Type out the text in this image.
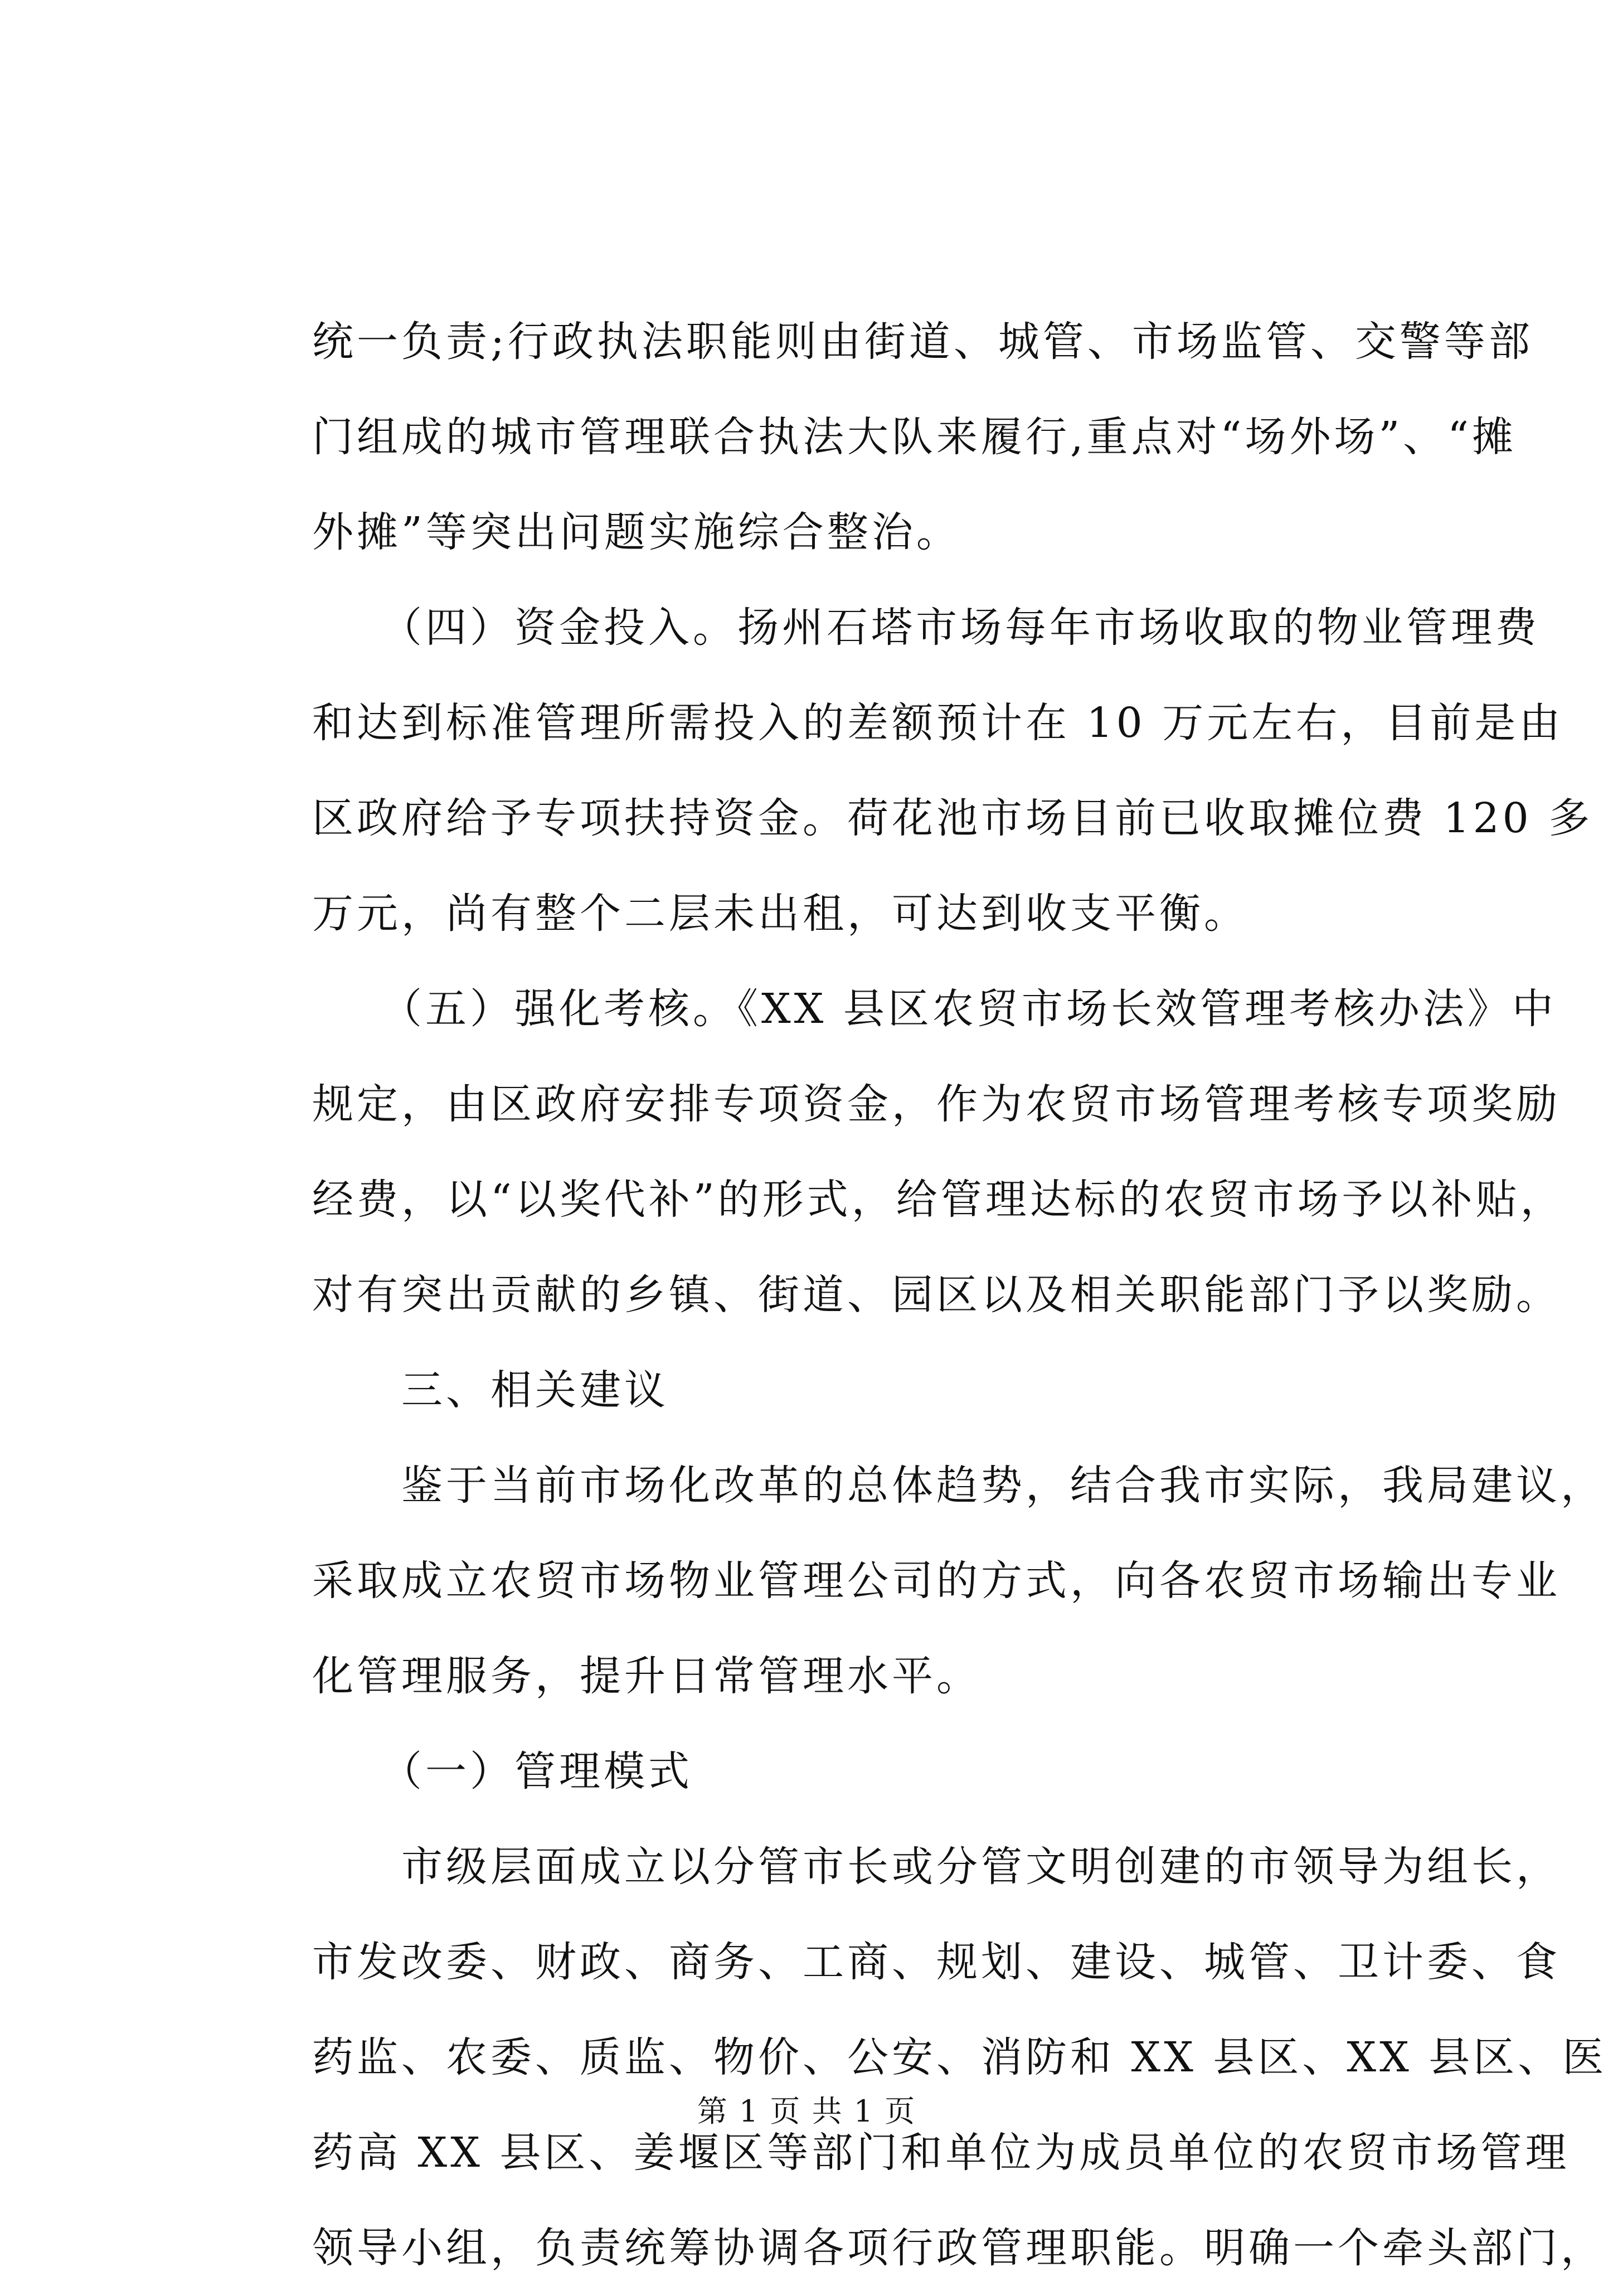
统一负责;行政执法职能则由街道、城管、市场监管、交警等部
门组成的城市管理联合执法大队来履行,重点对“场外场”、“摊
外摊”等突出问题实施综合整治。
　　（四）资金投入。扬州石塔市场每年市场收取的物业管理费
和达到标准管理所需投入的差额预计在 10 万元左右，目前是由
区政府给予专项扶持资金。荷花池市场目前已收取摊位费 120 多
万元，尚有整个二层未出租，可达到收支平衡。
　　（五）强化考核。《XX 县区农贸市场长效管理考核办法》中
规定，由区政府安排专项资金，作为农贸市场管理考核专项奖励
经费，以“以奖代补”的形式，给管理达标的农贸市场予以补贴，
对有突出贡献的乡镇、街道、园区以及相关职能部门予以奖励。
　　三、相关建议
　　鉴于当前市场化改革的总体趋势，结合我市实际，我局建议，
采取成立农贸市场物业管理公司的方式，向各农贸市场输出专业
化管理服务，提升日常管理水平。
　　（一）管理模式
　　市级层面成立以分管市长或分管文明创建的市领导为组长，
市发改委、财政、商务、工商、规划、建设、城管、卫计委、食
药监、农委、质监、物价、公安、消防和 XX 县区、XX 县区、医
药高 XX 县区、姜堰区等部门和单位为成员单位的农贸市场管理
领导小组，负责统筹协调各项行政管理职能。明确一个牵头部门，
第 1 页 共 1 页
